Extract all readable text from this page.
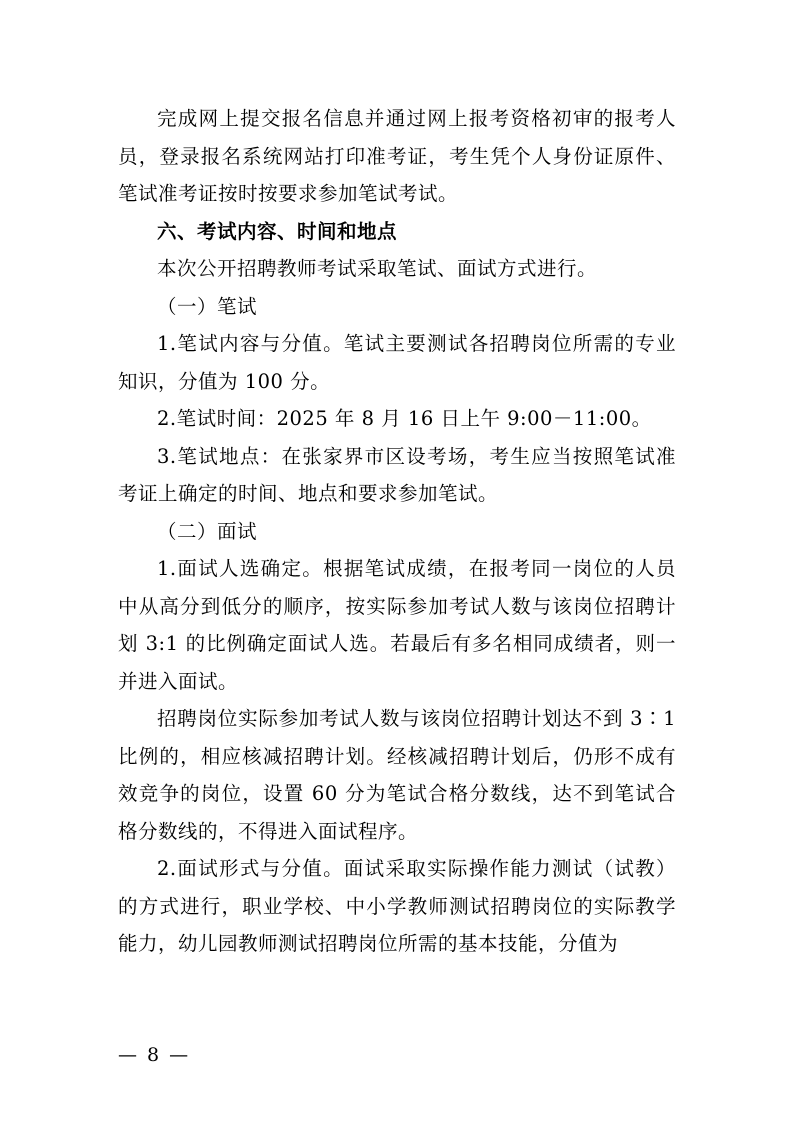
完成网上提交报名信息并通过网上报考资格初审的报考人员，登录报名系统网站打印准考证，考生凭个人身份证原件、笔试准考证按时按要求参加笔试考试。

六、考试内容、时间和地点

本次公开招聘教师考试采取笔试、面试方式进行。

（一）笔试

1.笔试内容与分值。笔试主要测试各招聘岗位所需的专业知识，分值为 100 分。

2.笔试时间：2025 年 8 月 16 日上午 9:00－11:00。

3.笔试地点：在张家界市区设考场，考生应当按照笔试准考证上确定的时间、地点和要求参加笔试。

（二）面试

1.面试人选确定。根据笔试成绩，在报考同一岗位的人员中从高分到低分的顺序，按实际参加考试人数与该岗位招聘计划 3:1 的比例确定面试人选。若最后有多名相同成绩者，则一并进入面试。

招聘岗位实际参加考试人数与该岗位招聘计划达不到 3∶1 比例的，相应核减招聘计划。经核减招聘计划后，仍形不成有效竞争的岗位，设置 60 分为笔试合格分数线，达不到笔试合格分数线的，不得进入面试程序。

2.面试形式与分值。面试采取实际操作能力测试（试教）的方式进行，职业学校、中小学教师测试招聘岗位的实际教学能力，幼儿园教师测试招聘岗位所需的基本技能，分值为

— 8 —
